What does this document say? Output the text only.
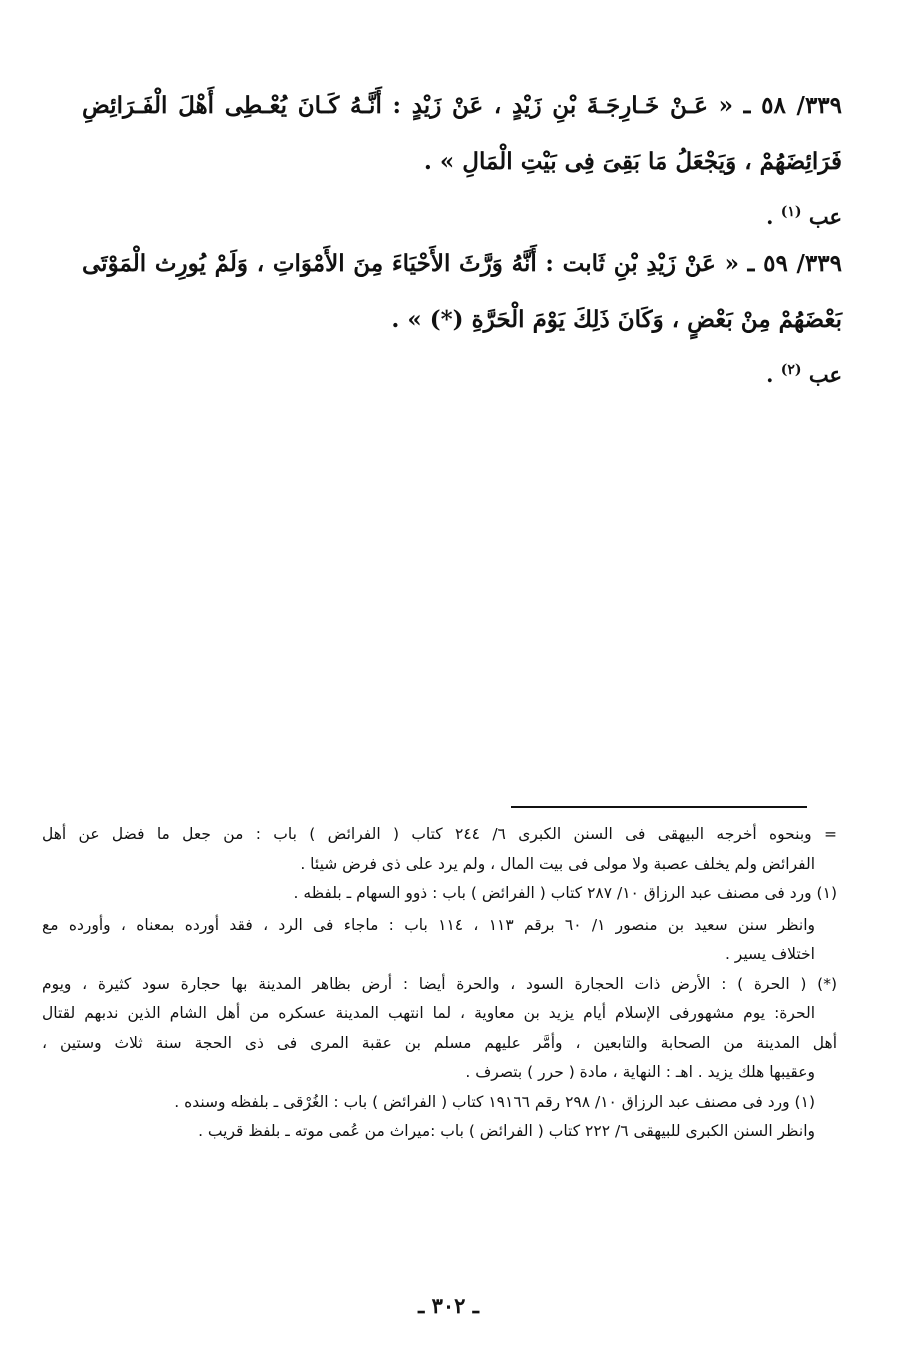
٣٣٩/ ٥٨ ـ « عَـنْ خَـارِجَـةَ بْنِ زَيْدٍ ، عَنْ زَيْدٍ : أَنَّـهُ كَـانَ يُعْـطِى أَهْلَ الْفَـرَائِضِ
فَرَائِضَهُمْ ، وَيَجْعَلُ مَا بَقِىَ فِى بَيْتِ الْمَالِ » .
عب $^{(١)}$ .
٣٣٩/ ٥٩ ـ « عَنْ زَيْدِ بْنِ ثَابت : أَنَّهُ وَرَّثَ الأَحْيَاءَ مِنَ الأَمْوَاتِ ، وَلَمْ يُورِث الْمَوْتَى
بَعْضَهُمْ مِنْ بَعْضٍ ، وَكَانَ ذَلِكَ يَوْمَ الْحَرَّةِ (*) » .
عب $^{(٢)}$ .
= وبنحوه أخرجه البيهقى فى السنن الكبرى ٦/ ٢٤٤ كتاب ( الفرائض ) باب : من جعل ما فضل عن أهل
الفرائض ولم يخلف عصبة ولا مولى فى بيت المال ، ولم يرد على ذى فرض شيئا .
(١) ورد فى مصنف عبد الرزاق ١٠/ ٢٨٧ كتاب ( الفرائض ) باب : ذوو السهام ـ بلفظه .
وانظر سنن سعيد بن منصور ١/ ٦٠ برقم ١١٣ ، ١١٤ باب : ماجاء فى الرد ، فقد أورده بمعناه ، وأورده مع
اختلاف يسير .
(*) ( الحرة ) : الأرض ذات الحجارة السود ، والحرة أيضا : أرض بظاهر المدينة بها حجارة سود كثيرة ، ويوم
الحرة: يوم مشهورفى الإسلام أيام يزيد بن معاوية ، لما انتهب المدينة عسكره من أهل الشام الذين ندبهم لقتال
أهل المدينة من الصحابة والتابعين ، وأمَّر عليهم مسلم بن عقبة المرى فى ذى الحجة سنة ثلاث وستين ،
وعقيبها هلك يزيد . اهـ : النهاية ، مادة ( حرر ) بتصرف .
(١) ورد فى مصنف عبد الرزاق ١٠/ ٢٩٨ رقم ١٩١٦٦ كتاب ( الفرائض ) باب : الغُرْقى ـ بلفظه وسنده .
وانظر السنن الكبرى للبيهقى ٦/ ٢٢٢ كتاب ( الفرائض ) باب :ميراث من عُمى موته ـ بلفظ قريب .
ـ ٣٠٢ ـ
